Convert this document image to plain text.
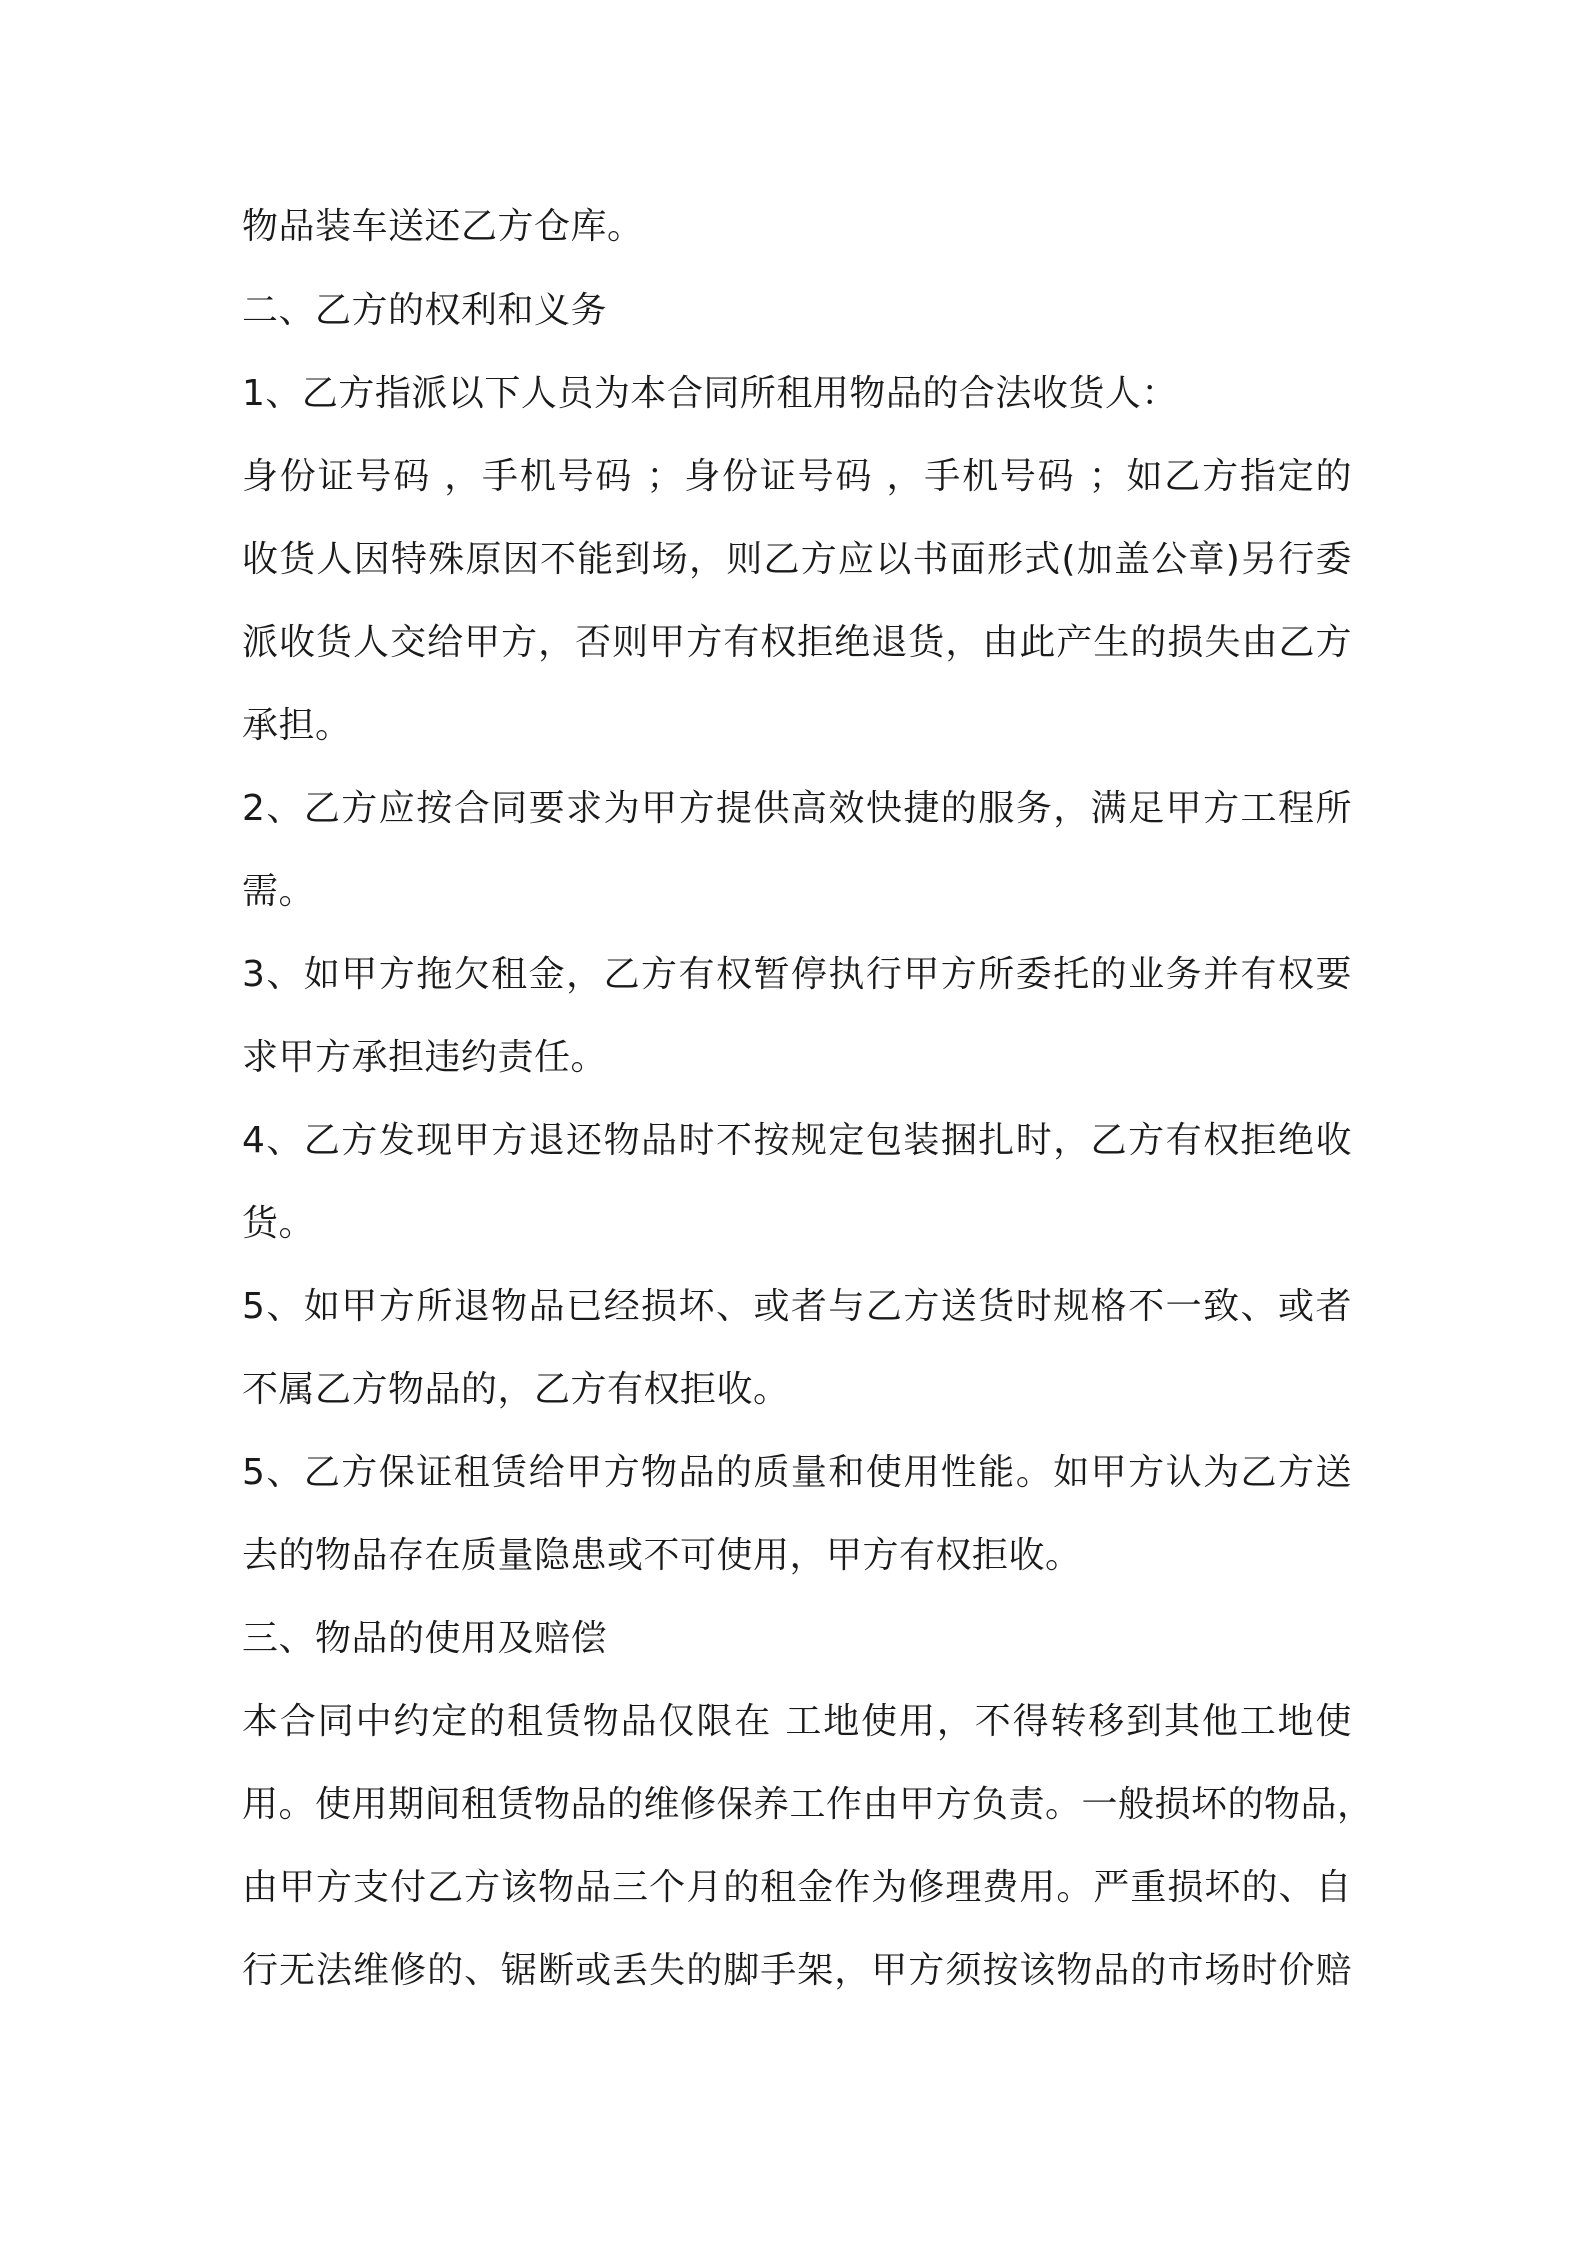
物品装车送还乙方仓库。
二、乙方的权利和义务
1、乙方指派以下人员为本合同所租用物品的合法收货人：
身份证号码 ，手机号码 ；身份证号码 ，手机号码 ；如乙方指定的
收货人因特殊原因不能到场，则乙方应以书面形式(加盖公章)另行委
派收货人交给甲方，否则甲方有权拒绝退货，由此产生的损失由乙方
承担。
2、乙方应按合同要求为甲方提供高效快捷的服务，满足甲方工程所
需。
3、如甲方拖欠租金，乙方有权暂停执行甲方所委托的业务并有权要
求甲方承担违约责任。
4、乙方发现甲方退还物品时不按规定包装捆扎时，乙方有权拒绝收
货。
5、如甲方所退物品已经损坏、或者与乙方送货时规格不一致、或者
不属乙方物品的，乙方有权拒收。
5、乙方保证租赁给甲方物品的质量和使用性能。如甲方认为乙方送
去的物品存在质量隐患或不可使用，甲方有权拒收。
三、物品的使用及赔偿
本合同中约定的租赁物品仅限在 工地使用，不得转移到其他工地使
用。使用期间租赁物品的维修保养工作由甲方负责。一般损坏的物品，
由甲方支付乙方该物品三个月的租金作为修理费用。严重损坏的、自
行无法维修的、锯断或丢失的脚手架，甲方须按该物品的市场时价赔
